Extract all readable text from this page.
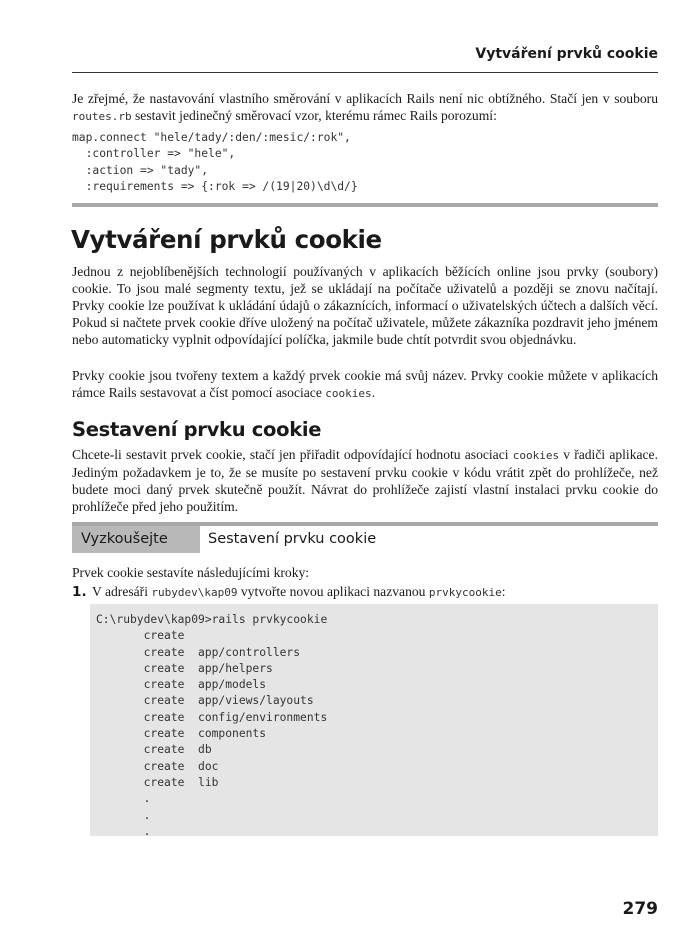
Vytváření prvků cookie

Je zřejmé, že nastavování vlastního směrování v aplikacích Rails není nic obtížného. Stačí jen v souboru routes.rb sestavit jedinečný směrovací vzor, kterému rámec Rails porozumí:

map.connect "hele/tady/:den/:mesic/:rok",
:controller => "hele",
:action => "tady",
:requirements => {:rok => /(19|20)\d\d/}
Vytváření prvků cookie

Jednou z nejoblíbenějších technologií používaných v aplikacích běžících online jsou prvky (soubory) cookie. To jsou malé segmenty textu, jež se ukládají na počítače uživatelů a později se znovu načítají. Prvky cookie lze používat k ukládání údajů o zákaznících, informací o uživatelských účtech a dalších věcí. Pokud si načtete prvek cookie dříve uložený na počítač uživatele, můžete zákazníka pozdravit jeho jménem nebo automaticky vyplnit odpovídající políčka, jakmile bude chtít potvrdit svou objednávku.

Prvky cookie jsou tvořeny textem a každý prvek cookie má svůj název. Prvky cookie můžete v aplikacích rámce Rails sestavovat a číst pomocí asociace cookies.

Sestavení prvku cookie

Chcete-li sestavit prvek cookie, stačí jen přiřadit odpovídající hodnotu asociaci cookies v řadiči aplikace. Jediným požadavkem je to, že se musíte po sestavení prvku cookie v kódu vrátit zpět do prohlížeče, než budete moci daný prvek skutečně použít. Návrat do prohlížeče zajistí vlastní instalaci prvku cookie do prohlížeče před jeho použitím.

Vyzkoušejte	Sestavení prvku cookie

Prvek cookie sestavíte následujícími kroky:

1. V adresáři rubydev\kap09 vytvořte novou aplikaci nazvanou prvkycookie:

C:\rubydev\kap09>rails prvkycookie
create
create  app/controllers
create  app/helpers
create  app/models
create  app/views/layouts
create  config/environments
create  components
create  db
create  doc
create  lib
.
.
.
279
